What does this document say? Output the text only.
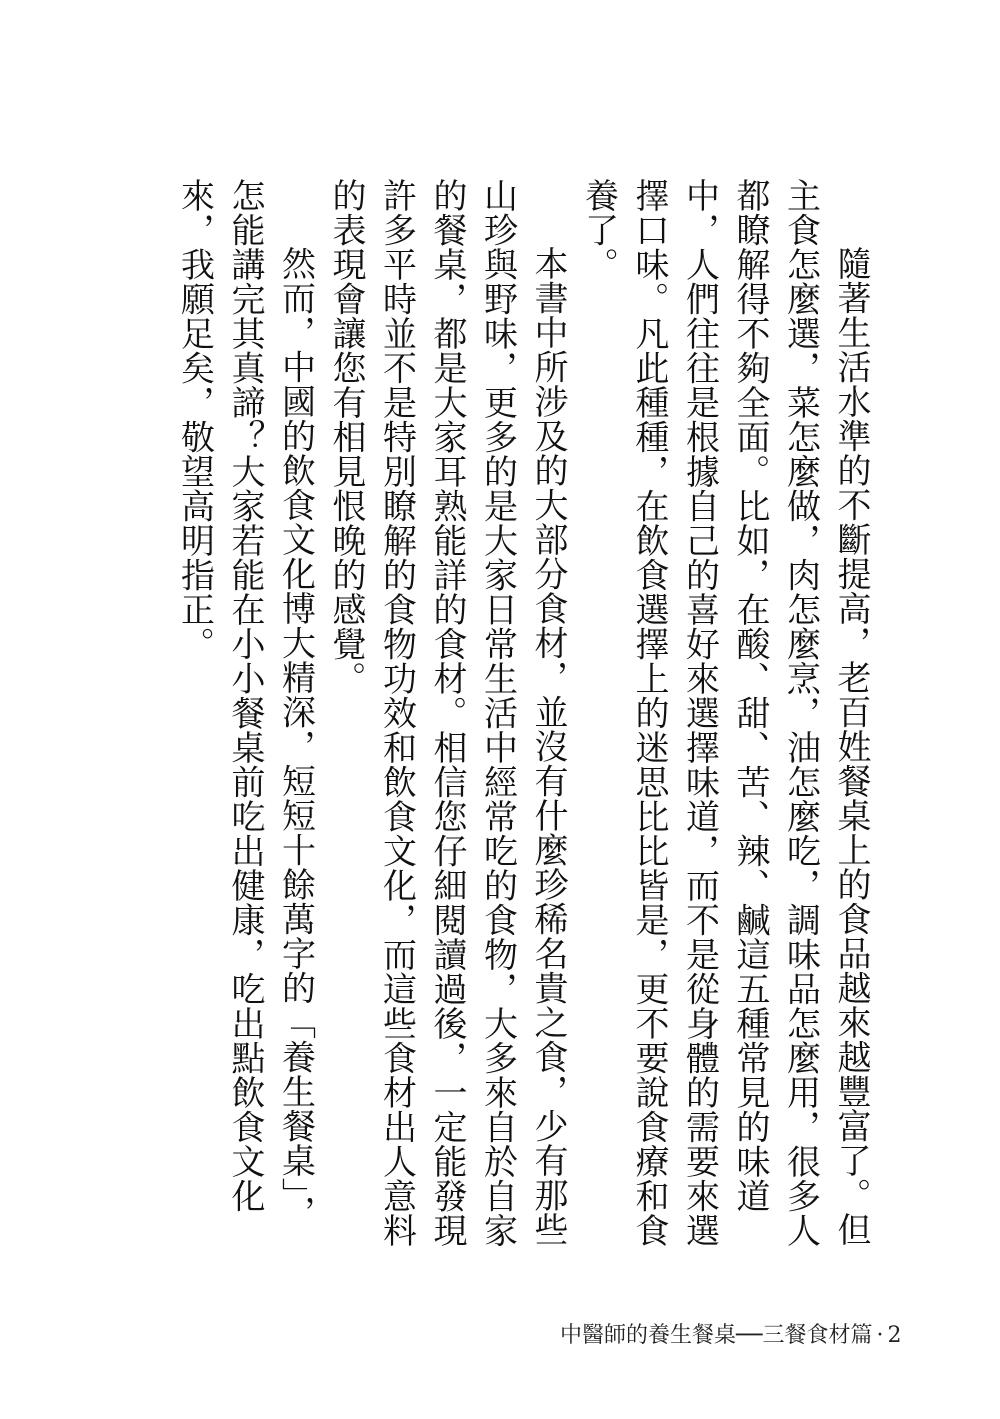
隨著生活水準的不斷提高，老百姓餐桌上的食品越來越豐富了。但主食怎麼選，菜怎麼做，肉怎麼烹，油怎麼吃，調味品怎麼用，很多人都瞭解得不夠全面。比如，在酸、甜、苦、辣、鹹這五種常見的味道中，人們往往是根據自己的喜好來選擇味道，而不是從身體的需要來選擇口味。凡此種種，在飲食選擇上的迷思比比皆是，更不要說食療和食養了。

本書中所涉及的大部分食材，並沒有什麼珍稀名貴之食，少有那些山珍與野味，更多的是大家日常生活中經常吃的食物，大多來自於自家的餐桌，都是大家耳熟能詳的食材。相信您仔細閱讀過後，一定能發現許多平時並不是特別瞭解的食物功效和飲食文化，而這些食材出人意料的表現會讓您有相見恨晚的感覺。

然而，中國的飲食文化博大精深，短短十餘萬字的「養生餐桌」，怎能講完其真諦？大家若能在小小餐桌前吃出健康，吃出點飲食文化來，我願足矣，敬望高明指正。

中醫師的養生餐桌──三餐食材篇 · 2
